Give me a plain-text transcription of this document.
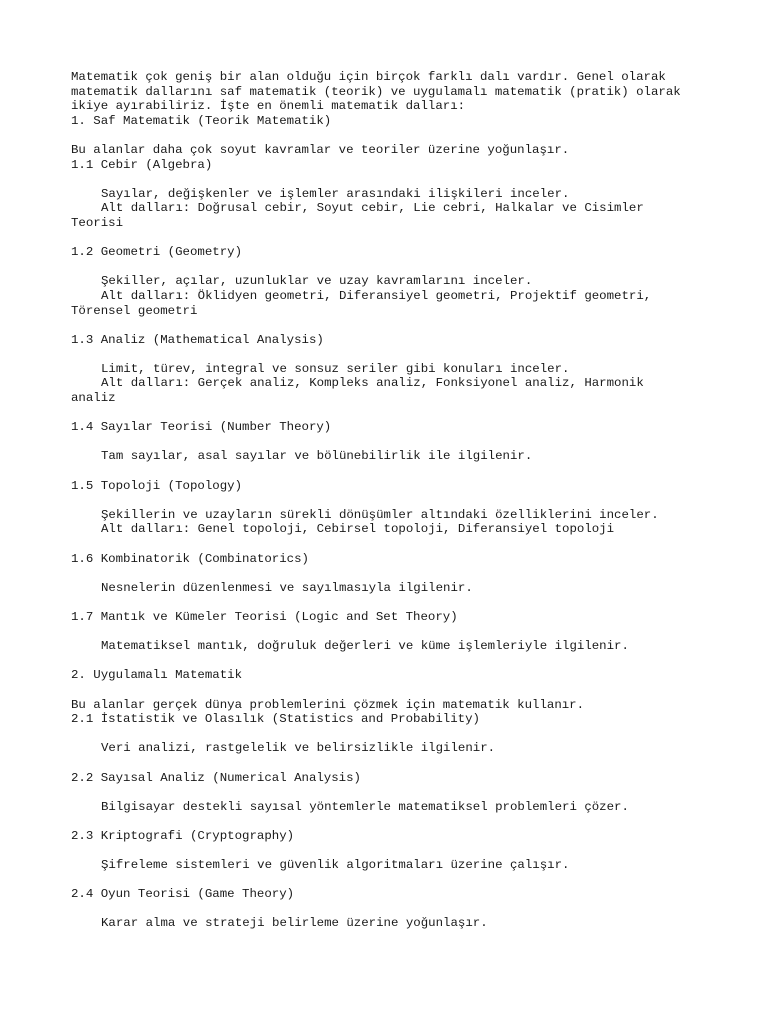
Matematik çok geniş bir alan olduğu için birçok farklı dalı vardır. Genel olarak
matematik dallarını saf matematik (teorik) ve uygulamalı matematik (pratik) olarak
ikiye ayırabiliriz. İşte en önemli matematik dalları:
1. Saf Matematik (Teorik Matematik)
Bu alanlar daha çok soyut kavramlar ve teoriler üzerine yoğunlaşır.
1.1 Cebir (Algebra)
Sayılar, değişkenler ve işlemler arasındaki ilişkileri inceler.
Alt dalları: Doğrusal cebir, Soyut cebir, Lie cebri, Halkalar ve Cisimler
Teorisi
1.2 Geometri (Geometry)
Şekiller, açılar, uzunluklar ve uzay kavramlarını inceler.
Alt dalları: Öklidyen geometri, Diferansiyel geometri, Projektif geometri,
Törensel geometri
1.3 Analiz (Mathematical Analysis)
Limit, türev, integral ve sonsuz seriler gibi konuları inceler.
Alt dalları: Gerçek analiz, Kompleks analiz, Fonksiyonel analiz, Harmonik
analiz
1.4 Sayılar Teorisi (Number Theory)
Tam sayılar, asal sayılar ve bölünebilirlik ile ilgilenir.
1.5 Topoloji (Topology)
Şekillerin ve uzayların sürekli dönüşümler altındaki özelliklerini inceler.
Alt dalları: Genel topoloji, Cebirsel topoloji, Diferansiyel topoloji
1.6 Kombinatorik (Combinatorics)
Nesnelerin düzenlenmesi ve sayılmasıyla ilgilenir.
1.7 Mantık ve Kümeler Teorisi (Logic and Set Theory)
Matematiksel mantık, doğruluk değerleri ve küme işlemleriyle ilgilenir.
2. Uygulamalı Matematik
Bu alanlar gerçek dünya problemlerini çözmek için matematik kullanır.
2.1 İstatistik ve Olasılık (Statistics and Probability)
Veri analizi, rastgelelik ve belirsizlikle ilgilenir.
2.2 Sayısal Analiz (Numerical Analysis)
Bilgisayar destekli sayısal yöntemlerle matematiksel problemleri çözer.
2.3 Kriptografi (Cryptography)
Şifreleme sistemleri ve güvenlik algoritmaları üzerine çalışır.
2.4 Oyun Teorisi (Game Theory)
Karar alma ve strateji belirleme üzerine yoğunlaşır.
